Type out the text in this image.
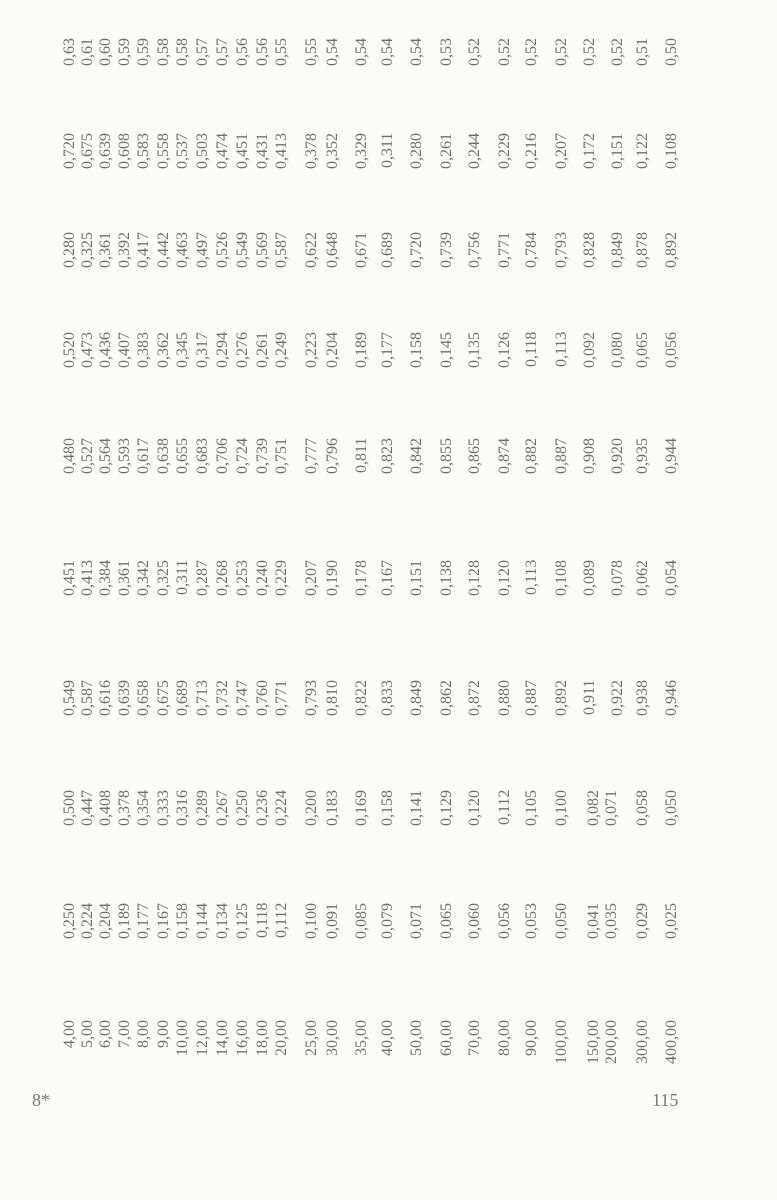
4,00
0,250
0,500
0,549
0,451
0,480
0,520
0,280
0,720
0,63
5,00
0,224
0,447
0,587
0,413
0,527
0,473
0,325
0,675
0,61
6,00
0,204
0,408
0,616
0,384
0,564
0,436
0,361
0,639
0,60
7,00
0,189
0,378
0,639
0,361
0,593
0,407
0,392
0,608
0,59
8,00
0,177
0,354
0,658
0,342
0,617
0,383
0,417
0,583
0,59
9,00
0,167
0,333
0,675
0,325
0,638
0,362
0,442
0,558
0,58
10,00
0,158
0,316
0,689
0,311
0,655
0,345
0,463
0,537
0,58
12,00
0,144
0,289
0,713
0,287
0,683
0,317
0,497
0,503
0,57
14,00
0,134
0,267
0,732
0,268
0,706
0,294
0,526
0,474
0,57
16,00
0,125
0,250
0,747
0,253
0,724
0,276
0,549
0,451
0,56
18,00
0,118
0,236
0,760
0,240
0,739
0,261
0,569
0,431
0,56
20,00
0,112
0,224
0,771
0,229
0,751
0,249
0,587
0,413
0,55
25,00
0,100
0,200
0,793
0,207
0,777
0,223
0,622
0,378
0,55
30,00
0,091
0,183
0,810
0,190
0,796
0,204
0,648
0,352
0,54
35,00
0,085
0,169
0,822
0,178
0,811
0,189
0,671
0,329
0,54
40,00
0,079
0,158
0,833
0,167
0,823
0,177
0,689
0,311
0,54
50,00
0,071
0,141
0,849
0,151
0,842
0,158
0,720
0,280
0,54
60,00
0,065
0,129
0,862
0,138
0,855
0,145
0,739
0,261
0,53
70,00
0,060
0,120
0,872
0,128
0,865
0,135
0,756
0,244
0,52
80,00
0,056
0,112
0,880
0,120
0,874
0,126
0,771
0,229
0,52
90,00
0,053
0,105
0,887
0,113
0,882
0,118
0,784
0,216
0,52
100,00
0,050
0,100
0,892
0,108
0,887
0,113
0,793
0,207
0,52
150,00
0,041
0,082
0,911
0,089
0,908
0,092
0,828
0,172
0,52
200,00
0,035
0,071
0,922
0,078
0,920
0,080
0,849
0,151
0,52
300,00
0,029
0,058
0,938
0,062
0,935
0,065
0,878
0,122
0,51
400,00
0,025
0,050
0,946
0,054
0,944
0,056
0,892
0,108
0,50
8*	115
